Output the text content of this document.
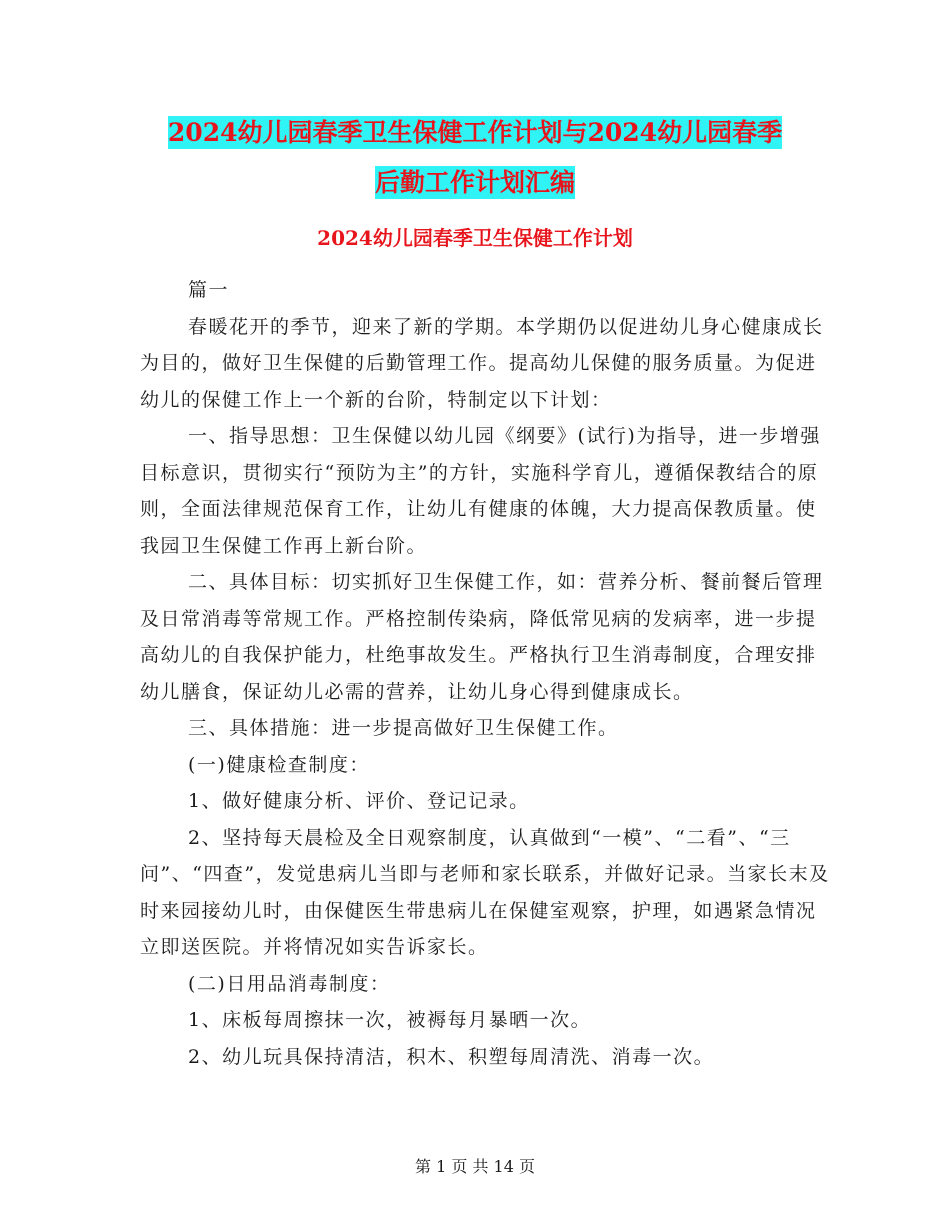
2024幼儿园春季卫生保健工作计划与2024幼儿园春季
后勤工作计划汇编
2024幼儿园春季卫生保健工作计划

篇一

春暖花开的季节，迎来了新的学期。本学期仍以促进幼儿身心健康成长为目的，做好卫生保健的后勤管理工作。提高幼儿保健的服务质量。为促进幼儿的保健工作上一个新的台阶，特制定以下计划：

一、指导思想：卫生保健以幼儿园《纲要》(试行)为指导，进一步增强目标意识，贯彻实行“预防为主”的方针，实施科学育儿，遵循保教结合的原则，全面法律规范保育工作，让幼儿有健康的体魄，大力提高保教质量。使我园卫生保健工作再上新台阶。

二、具体目标：切实抓好卫生保健工作，如：营养分析、餐前餐后管理及日常消毒等常规工作。严格控制传染病，降低常见病的发病率，进一步提高幼儿的自我保护能力，杜绝事故发生。严格执行卫生消毒制度，合理安排幼儿膳食，保证幼儿必需的营养，让幼儿身心得到健康成长。

三、具体措施：进一步提高做好卫生保健工作。

(一)健康检查制度：

1、做好健康分析、评价、登记记录。

2、坚持每天晨检及全日观察制度，认真做到“一模”、“二看”、“三问”、“四查”，发觉患病儿当即与老师和家长联系，并做好记录。当家长末及时来园接幼儿时，由保健医生带患病儿在保健室观察，护理，如遇紧急情况立即送医院。并将情况如实告诉家长。

(二)日用品消毒制度：

1、床板每周擦抹一次，被褥每月暴晒一次。

2、幼儿玩具保持清洁，积木、积塑每周清洗、消毒一次。

第 1 页 共 14 页
